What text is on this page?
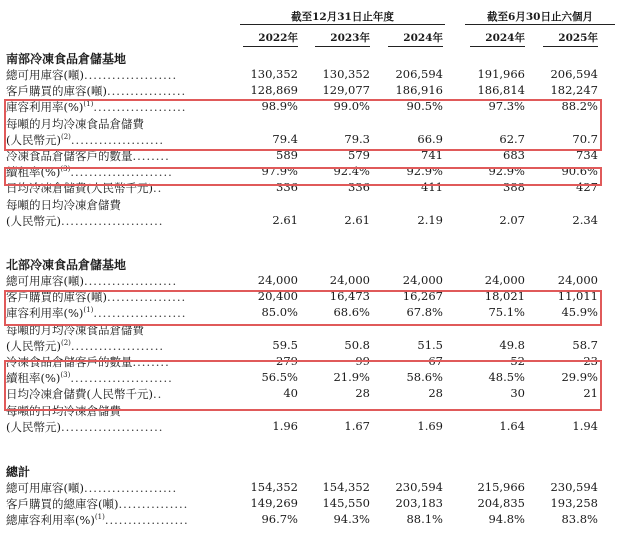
截至12月31日止年度	截至6月30日止六個月
2022年	2023年	2024年	2024年	2025年
南部冷凍食品倉儲基地
總可用庫容(噸)....................	130,352	130,352	206,594	191,966	206,594
客戶購買的庫容(噸).................	128,869	129,077	186,916	186,814	182,247
庫容利用率(%)$^{(1)}$....................	98.9%	99.0%	90.5%	97.3%	88.2%
每噸的月均冷凍食品倉儲費
(人民幣元)$^{(2)}$....................	79.4	79.3	66.9	62.7	70.7
冷凍食品倉儲客戶的數量........	589	579	741	683	734
續租率(%)$^{(3)}$......................	97.9%	92.4%	92.9%	92.9%	90.6%
日均冷凍倉儲費(人民幣千元)..	336	336	411	388	427
每噸的日均冷凍倉儲費
(人民幣元)......................	2.61	2.61	2.19	2.07	2.34
北部冷凍食品倉儲基地
總可用庫容(噸)....................	24,000	24,000	24,000	24,000	24,000
客戶購買的庫容(噸).................	20,400	16,473	16,267	18,021	11,011
庫容利用率(%)$^{(1)}$....................	85.0%	68.6%	67.8%	75.1%	45.9%
每噸的月均冷凍食品倉儲費
(人民幣元)$^{(2)}$....................	59.5	50.8	51.5	49.8	58.7
冷凍食品倉儲客戶的數量........	279	99	67	52	23
續租率(%)$^{(3)}$......................	56.5%	21.9%	58.6%	48.5%	29.9%
日均冷凍倉儲費(人民幣千元)..	40	28	28	30	21
每噸的日均冷凍倉儲費
(人民幣元)......................	1.96	1.67	1.69	1.64	1.94
總計
總可用庫容(噸)....................	154,352	154,352	230,594	215,966	230,594
客戶購買的總庫容(噸)...............	149,269	145,550	203,183	204,835	193,258
總庫容利用率(%)$^{(1)}$..................	96.7%	94.3%	88.1%	94.8%	83.8%
